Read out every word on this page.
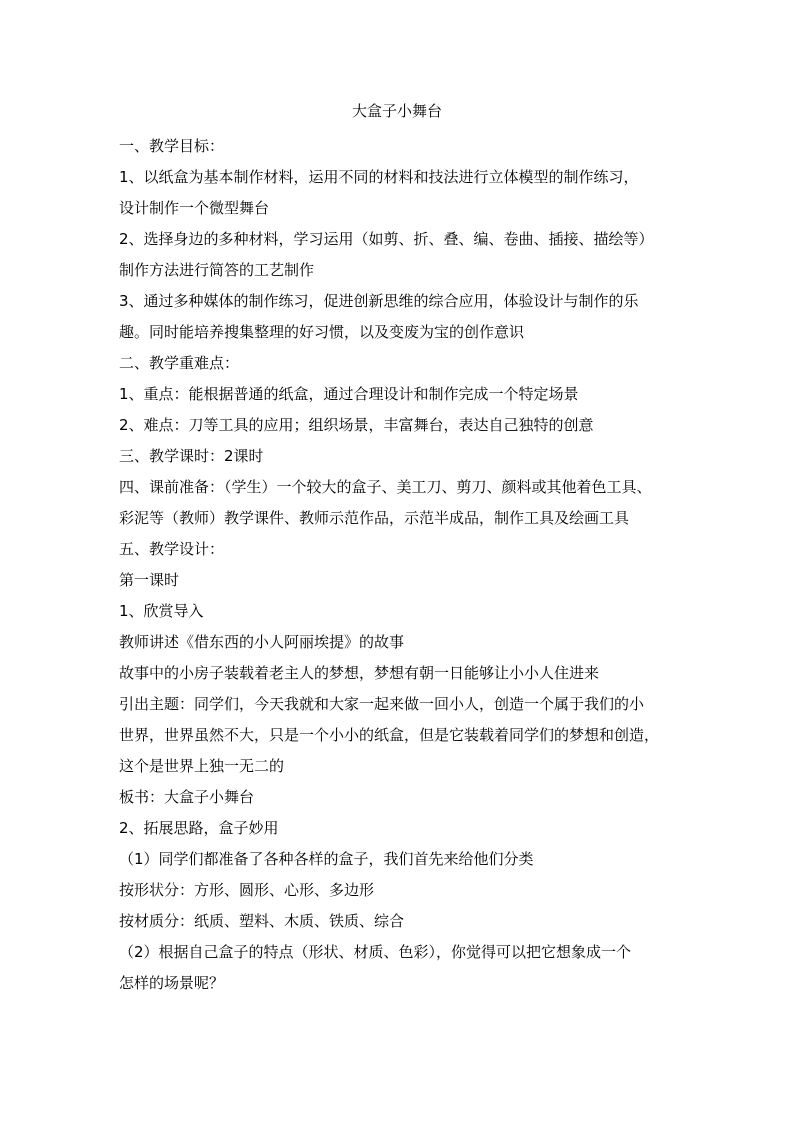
大盒子小舞台
一、教学目标：
1、以纸盒为基本制作材料，运用不同的材料和技法进行立体模型的制作练习，
设计制作一个微型舞台
2、选择身边的多种材料，学习运用（如剪、折、叠、编、卷曲、插接、描绘等）
制作方法进行简答的工艺制作
3、通过多种媒体的制作练习，促进创新思维的综合应用，体验设计与制作的乐
趣。同时能培养搜集整理的好习惯，以及变废为宝的创作意识
二、教学重难点：
1、重点：能根据普通的纸盒，通过合理设计和制作完成一个特定场景
2、难点：刀等工具的应用；组织场景，丰富舞台，表达自己独特的创意
三、教学课时：2课时
四、课前准备：（学生）一个较大的盒子、美工刀、剪刀、颜料或其他着色工具、
彩泥等（教师）教学课件、教师示范作品，示范半成品，制作工具及绘画工具
五、教学设计：
第一课时
1、欣赏导入
教师讲述《借东西的小人阿丽埃提》的故事
故事中的小房子装载着老主人的梦想，梦想有朝一日能够让小小人住进来
引出主题：同学们，今天我就和大家一起来做一回小人，创造一个属于我们的小
世界，世界虽然不大，只是一个小小的纸盒，但是它装载着同学们的梦想和创造，
这个是世界上独一无二的
板书：大盒子小舞台
2、拓展思路，盒子妙用
（1）同学们都准备了各种各样的盒子，我们首先来给他们分类
按形状分：方形、圆形、心形、多边形
按材质分：纸质、塑料、木质、铁质、综合
（2）根据自己盒子的特点（形状、材质、色彩），你觉得可以把它想象成一个
怎样的场景呢？
